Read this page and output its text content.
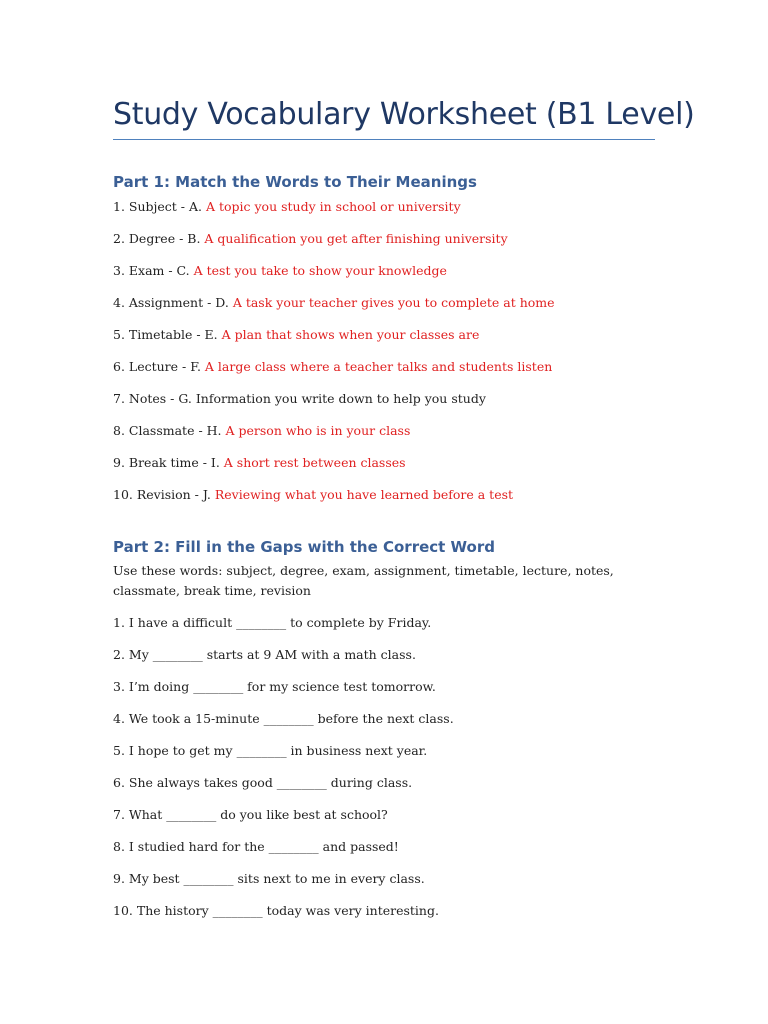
Study Vocabulary Worksheet (B1 Level)
Part 1: Match the Words to Their Meanings
1. Subject - A. A topic you study in school or university
2. Degree - B. A qualification you get after finishing university
3. Exam - C. A test you take to show your knowledge
4. Assignment - D. A task your teacher gives you to complete at home
5. Timetable - E. A plan that shows when your classes are
6. Lecture - F. A large class where a teacher talks and students listen
7. Notes - G. Information you write down to help you study
8. Classmate - H. A person who is in your class
9. Break time - I. A short rest between classes
10. Revision - J. Reviewing what you have learned before a test
Part 2: Fill in the Gaps with the Correct Word
Use these words: subject, degree, exam, assignment, timetable, lecture, notes, classmate, break time, revision
1. I have a difficult ________ to complete by Friday.
2. My ________ starts at 9 AM with a math class.
3. I’m doing ________ for my science test tomorrow.
4. We took a 15-minute ________ before the next class.
5. I hope to get my ________ in business next year.
6. She always takes good ________ during class.
7. What ________ do you like best at school?
8. I studied hard for the ________ and passed!
9. My best ________ sits next to me in every class.
10. The history ________ today was very interesting.
